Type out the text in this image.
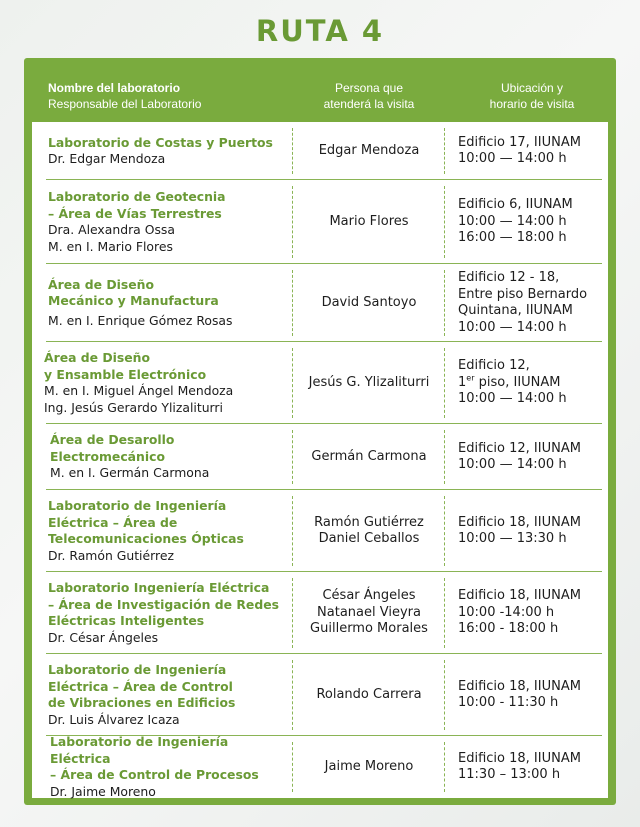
RUTA 4
Nombre del laboratorio
Responsable del Laboratorio
Persona que
atenderá la visita
Ubicación y
horario de visita
Laboratorio de Costas y Puertos
Dr. Edgar Mendoza
Edgar Mendoza
Edificio 17, IIUNAM
10:00 — 14:00 h
Laboratorio de Geotecnia
– Área de Vías Terrestres
Dra. Alexandra Ossa
M. en I. Mario Flores
Mario Flores
Edificio 6, IIUNAM
10:00 — 14:00 h
16:00 — 18:00 h
Área de Diseño
Mecánico y Manufactura
M. en I. Enrique Gómez Rosas
David Santoyo
Edificio 12 - 18,
Entre piso Bernardo
Quintana, IIUNAM
10:00 — 14:00 h
Área de Diseño
y Ensamble Electrónico
M. en I. Miguel Ángel Mendoza
Ing. Jesús Gerardo Ylizaliturri
Jesús G. Ylizaliturri
Edificio 12,
1er piso, IIUNAM
10:00 — 14:00 h
Área de Desarollo
Electromecánico
M. en I. Germán Carmona
Germán Carmona
Edificio 12, IIUNAM
10:00 — 14:00 h
Laboratorio de Ingeniería
Eléctrica – Área de
Telecomunicaciones Ópticas
Dr. Ramón Gutiérrez
Ramón Gutiérrez
Daniel Ceballos
Edificio 18, IIUNAM
10:00 — 13:30 h
Laboratorio Ingeniería Eléctrica
– Área de Investigación de Redes
Eléctricas Inteligentes
Dr. César Ángeles
César Ángeles
Natanael Vieyra
Guillermo Morales
Edificio 18, IIUNAM
10:00 -14:00 h
16:00 - 18:00 h
Laboratorio de Ingeniería
Eléctrica – Área de Control
de Vibraciones en Edificios
Dr. Luis Álvarez Icaza
Rolando Carrera
Edificio 18, IIUNAM
10:00 - 11:30 h
Laboratorio de Ingeniería Eléctrica
– Área de Control de Procesos
Dr. Jaime Moreno
Jaime Moreno
Edificio 18, IIUNAM
11:30 – 13:00 h
